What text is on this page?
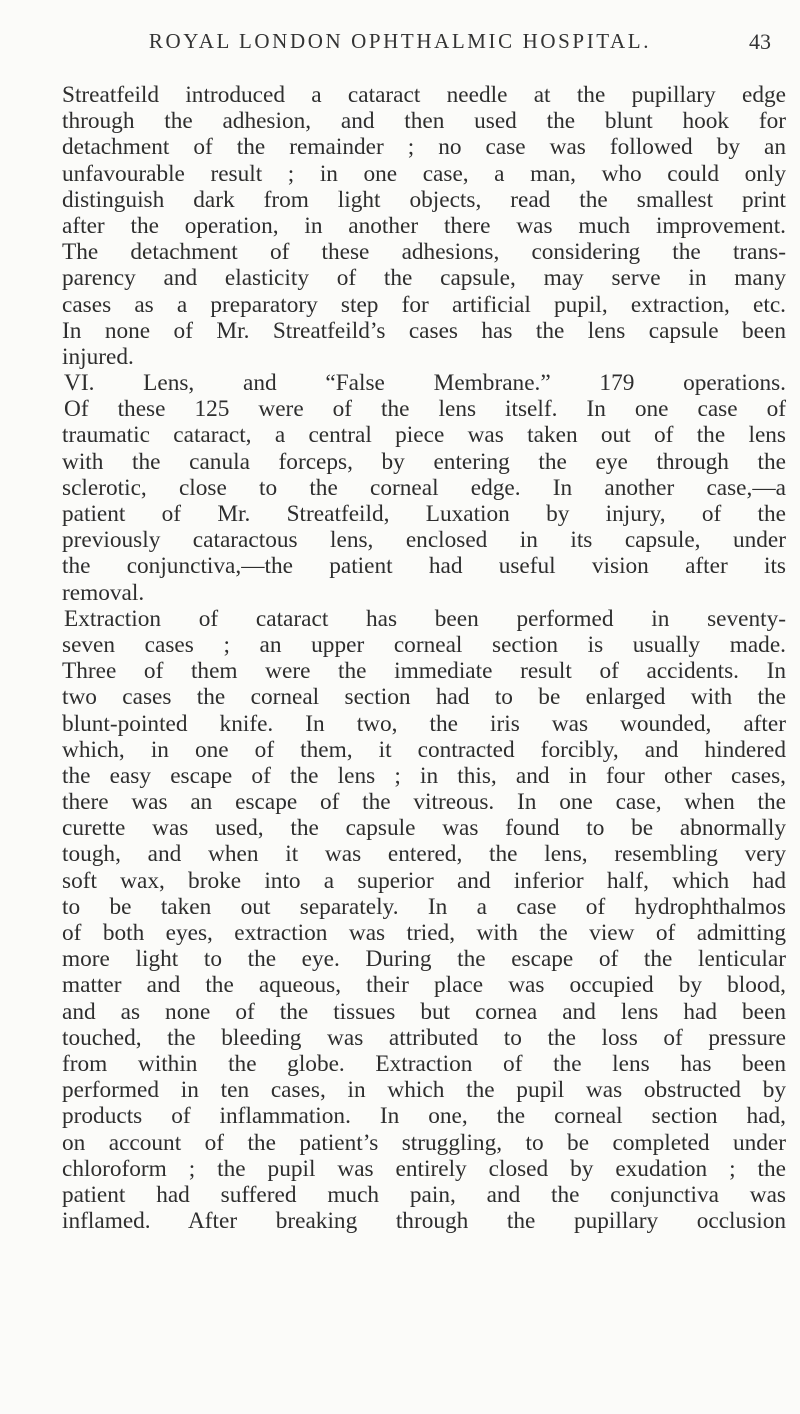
ROYAL LONDON OPHTHALMIC HOSPITAL.	43
Streatfeild introduced a cataract needle at the pupillary edge
through the adhesion, and then used the blunt hook for
detachment of the remainder ; no case was followed by an
unfavourable result ; in one case, a man, who could only
distinguish dark from light objects, read the smallest print
after the operation, in another there was much improvement.
The detachment of these adhesions, considering the trans-
parency and elasticity of the capsule, may serve in many
cases as a preparatory step for artificial pupil, extraction, etc.
In none of Mr. Streatfeild’s cases has the lens capsule been
injured.
VI. Lens, and “False Membrane.” 179 operations.
Of these 125 were of the lens itself. In one case of
traumatic cataract, a central piece was taken out of the lens
with the canula forceps, by entering the eye through the
sclerotic, close to the corneal edge. In another case,—a
patient of Mr. Streatfeild, Luxation by injury, of the
previously cataractous lens, enclosed in its capsule, under
the conjunctiva,—the patient had useful vision after its
removal.
Extraction of cataract has been performed in seventy-
seven cases ; an upper corneal section is usually made.
Three of them were the immediate result of accidents. In
two cases the corneal section had to be enlarged with the
blunt-pointed knife. In two, the iris was wounded, after
which, in one of them, it contracted forcibly, and hindered
the easy escape of the lens ; in this, and in four other cases,
there was an escape of the vitreous. In one case, when the
curette was used, the capsule was found to be abnormally
tough, and when it was entered, the lens, resembling very
soft wax, broke into a superior and inferior half, which had
to be taken out separately. In a case of hydrophthalmos
of both eyes, extraction was tried, with the view of admitting
more light to the eye. During the escape of the lenticular
matter and the aqueous, their place was occupied by blood,
and as none of the tissues but cornea and lens had been
touched, the bleeding was attributed to the loss of pressure
from within the globe. Extraction of the lens has been
performed in ten cases, in which the pupil was obstructed by
products of inflammation. In one, the corneal section had,
on account of the patient’s struggling, to be completed under
chloroform ; the pupil was entirely closed by exudation ; the
patient had suffered much pain, and the conjunctiva was
inflamed. After breaking through the pupillary occlusion
